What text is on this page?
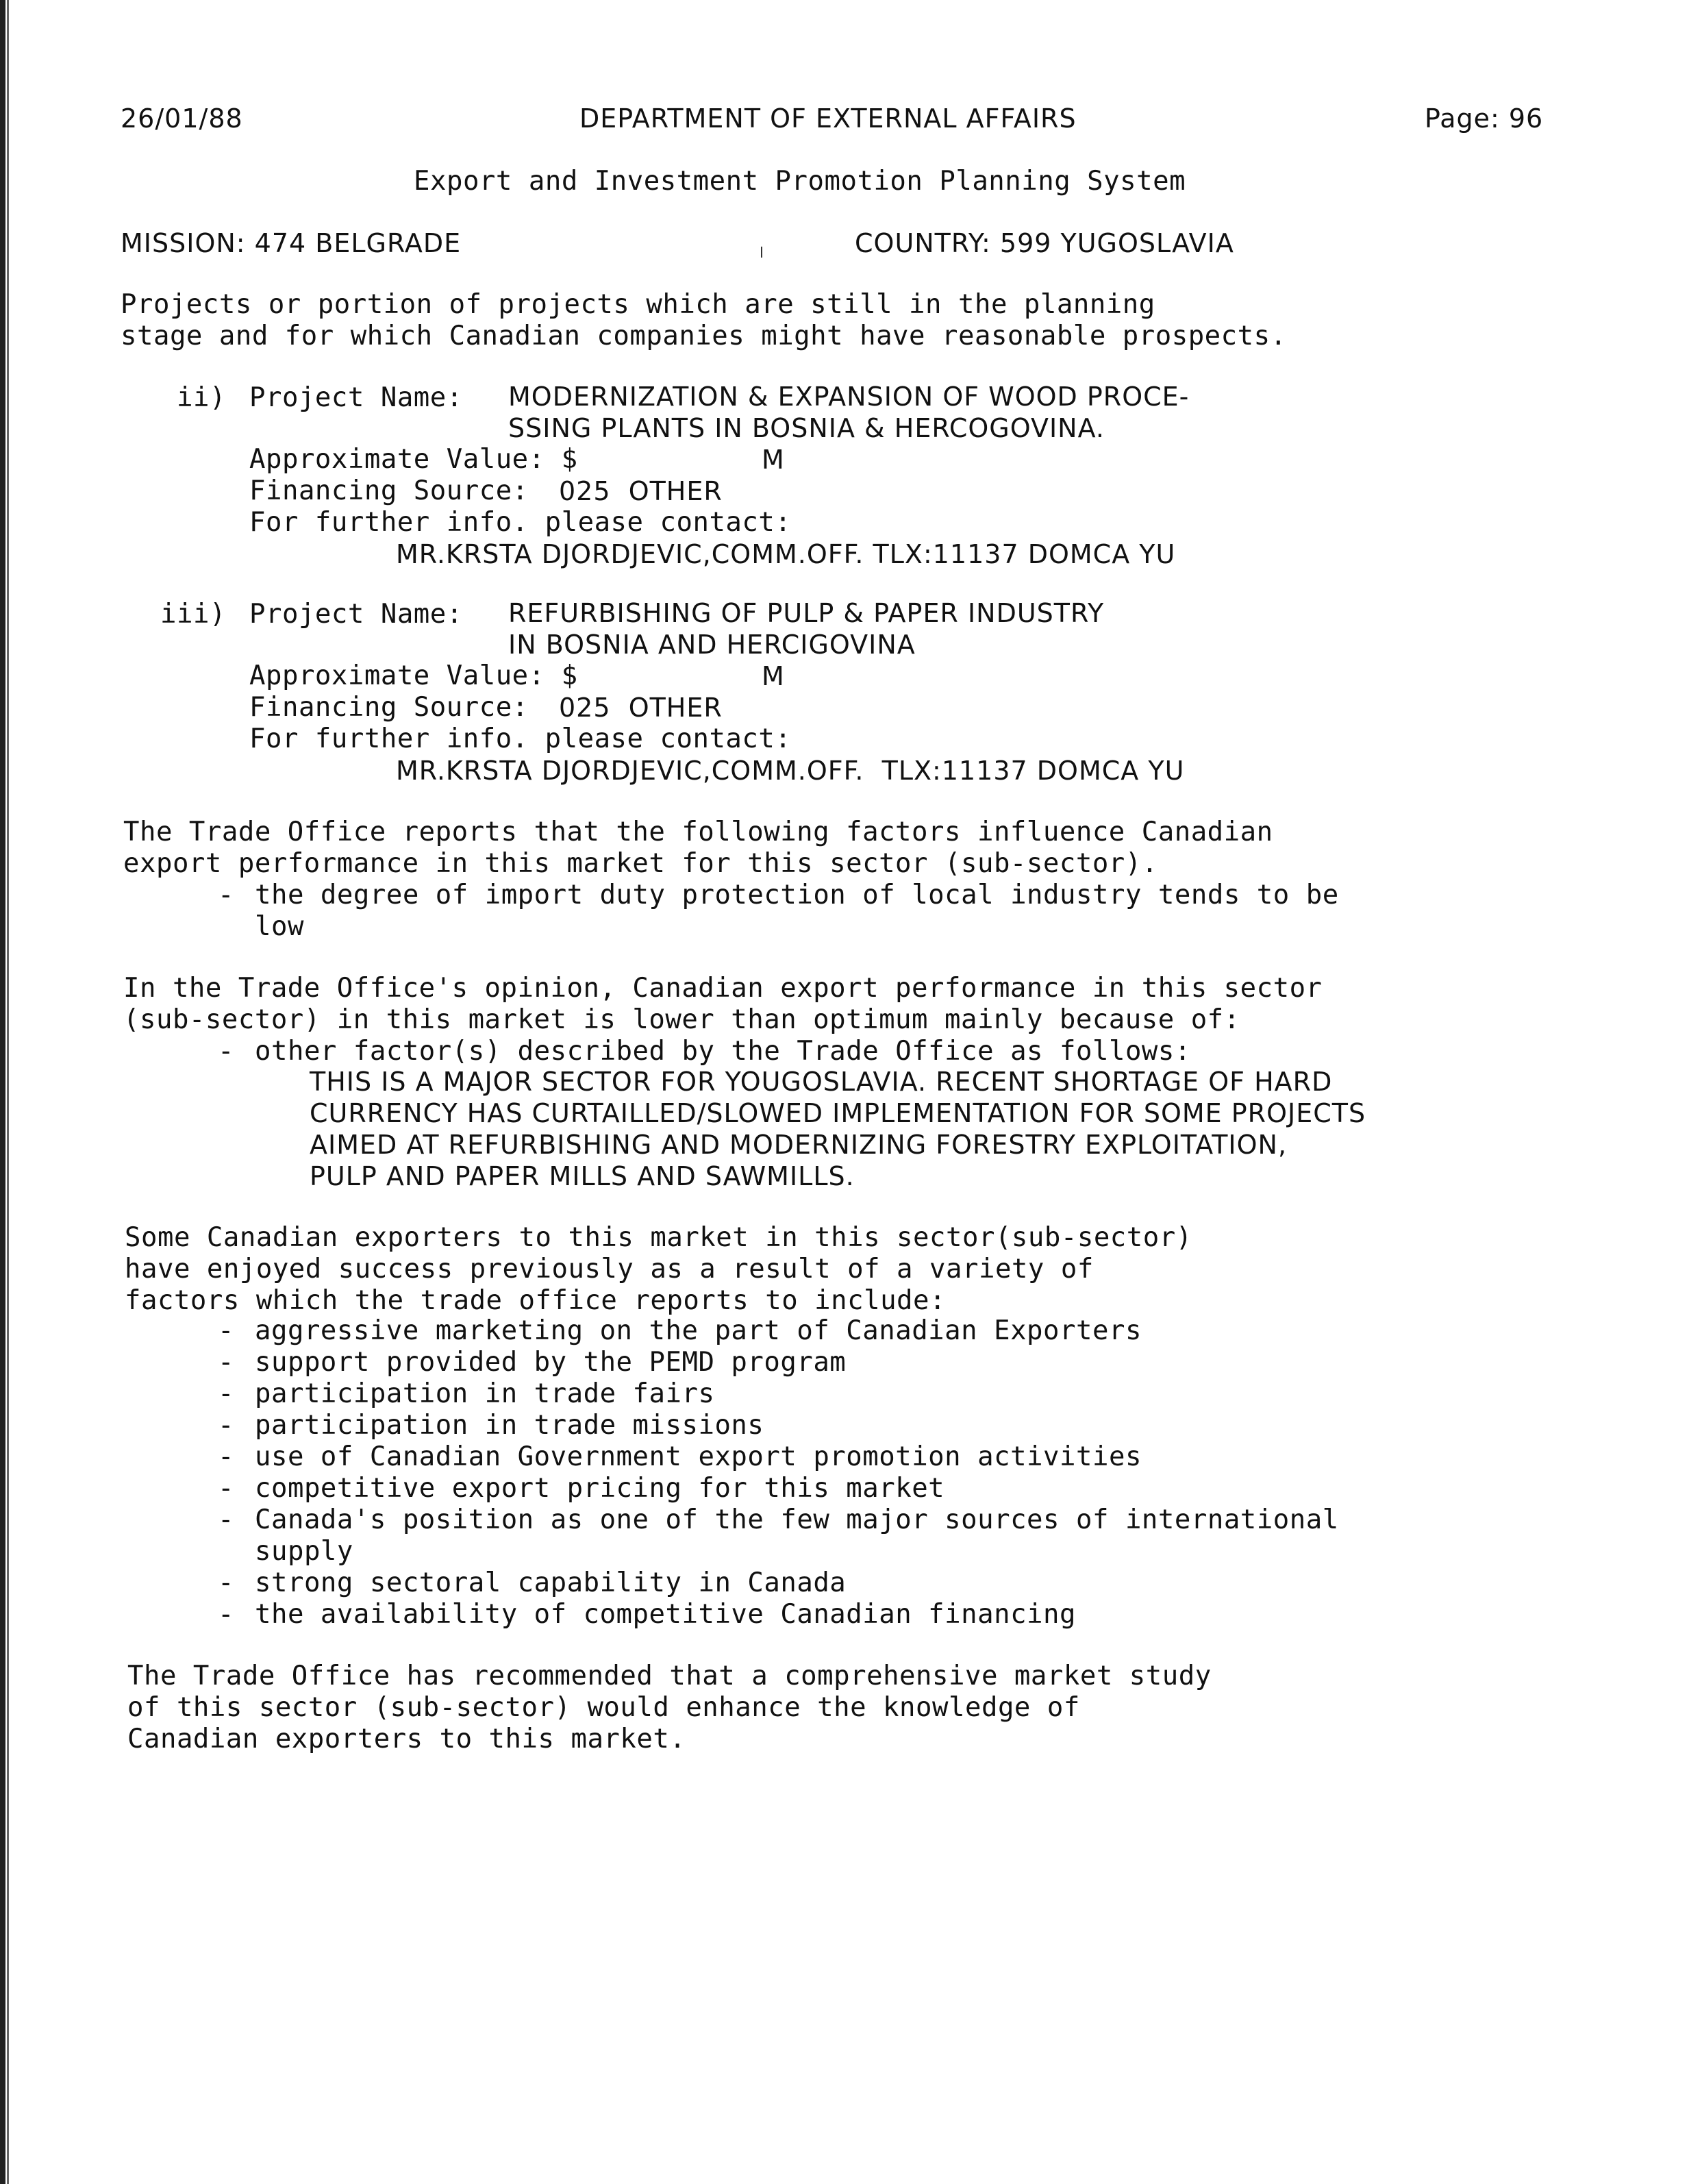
26/01/88	DEPARTMENT OF EXTERNAL AFFAIRS	Page: 96
Export and Investment Promotion Planning System
MISSION: 474 BELGRADE	COUNTRY: 599 YUGOSLAVIA
Projects or portion of projects which are still in the planning
stage and for which Canadian companies might have reasonable prospects.
ii) Project Name: MODERNIZATION & EXPANSION OF WOOD PROCE-
SSING PLANTS IN BOSNIA & HERCOGOVINA.
Approximate Value: $	M
Financing Source: 025  OTHER
For further info. please contact:
MR.KRSTA DJORDJEVIC,COMM.OFF. TLX:11137 DOMCA YU
iii) Project Name: REFURBISHING OF PULP & PAPER INDUSTRY
IN BOSNIA AND HERCIGOVINA
Approximate Value: $	M
Financing Source: 025  OTHER
For further info. please contact:
MR.KRSTA DJORDJEVIC,COMM.OFF.  TLX:11137 DOMCA YU
The Trade Office reports that the following factors influence Canadian
export performance in this market for this sector (sub-sector).
- the degree of import duty protection of local industry tends to be
low
In the Trade Office's opinion, Canadian export performance in this sector
(sub-sector) in this market is lower than optimum mainly because of:
- other factor(s) described by the Trade Office as follows:
THIS IS A MAJOR SECTOR FOR YOUGOSLAVIA. RECENT SHORTAGE OF HARD
CURRENCY HAS CURTAILLED/SLOWED IMPLEMENTATION FOR SOME PROJECTS
AIMED AT REFURBISHING AND MODERNIZING FORESTRY EXPLOITATION,
PULP AND PAPER MILLS AND SAWMILLS.
Some Canadian exporters to this market in this sector(sub-sector)
have enjoyed success previously as a result of a variety of
factors which the trade office reports to include:
- aggressive marketing on the part of Canadian Exporters
- support provided by the PEMD program
- participation in trade fairs
- participation in trade missions
- use of Canadian Government export promotion activities
- competitive export pricing for this market
- Canada's position as one of the few major sources of international
supply
- strong sectoral capability in Canada
- the availability of competitive Canadian financing
The Trade Office has recommended that a comprehensive market study
of this sector (sub-sector) would enhance the knowledge of
Canadian exporters to this market.
